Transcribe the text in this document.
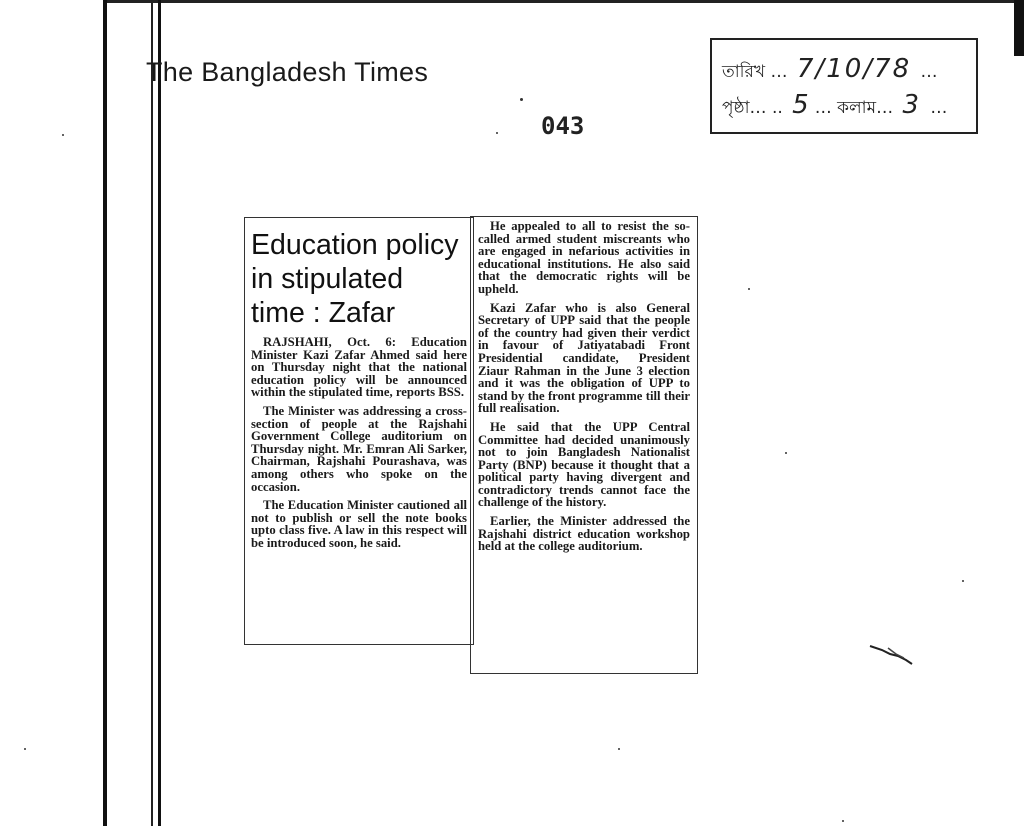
The Bangladesh Times
043
তারিখ … 7/10/78 …
পৃষ্ঠা… .. 5 … কলাম… 3 …
Education policy
in stipulated
time : Zafar

RAJSHAHI, Oct. 6: Education Minister Kazi Zafar Ahmed said here on Thursday night that the national education policy will be announced within the stipulated time, reports BSS.

The Minister was addressing a cross-section of people at the Rajshahi Government College auditorium on Thursday night. Mr. Emran Ali Sarker, Chairman, Rajshahi Pourashava, was among others who spoke on the occasion.

The Education Minister cautioned all not to publish or sell the note books upto class five. A law in this respect will be introduced soon, he said.

He appealed to all to resist the so-called armed student miscreants who are engaged in nefarious activities in educational institutions. He also said that the democratic rights will be upheld.

Kazi Zafar who is also General Secretary of UPP said that the people of the country had given their verdict in favour of Jatiyatabadi Front Presidential candidate, President Ziaur Rahman in the June 3 election and it was the obligation of UPP to stand by the front programme till their full realisation.

He said that the UPP Central Committee had decided unanimously not to join Bangladesh Nationalist Party (BNP) because it thought that a political party having divergent and contradictory trends cannot face the challenge of the history.

Earlier, the Minister addressed the Rajshahi district education workshop held at the college auditorium.
